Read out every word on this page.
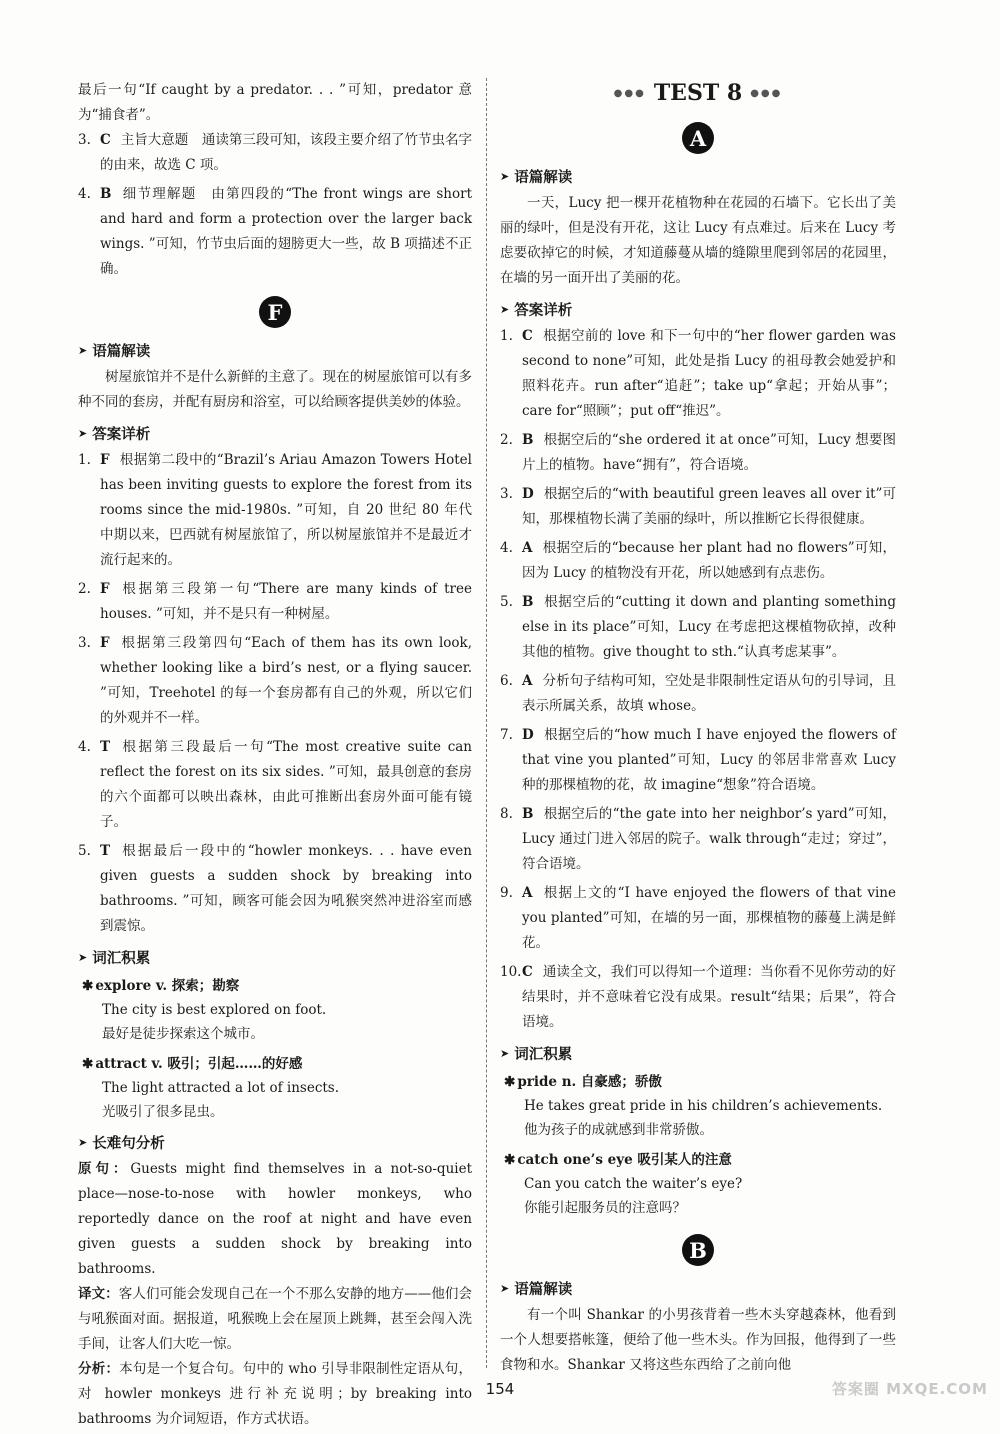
最后一句“If caught by a predator. . . ”可知，predator 意为“捕食者”。

3. C 主旨大意题　通读第三段可知，该段主要介绍了竹节虫名字的由来，故选 C 项。
4. B 细节理解题　由第四段的“The front wings are short and hard and form a protection over the larger back wings. ”可知，竹节虫后面的翅膀更大一些，故 B 项描述不正确。
F
➤ 语篇解读

树屋旅馆并不是什么新鲜的主意了。现在的树屋旅馆可以有多种不同的套房，并配有厨房和浴室，可以给顾客提供美妙的体验。

➤ 答案详析
1. F 根据第二段中的“Brazil’s Ariau Amazon Towers Hotel has been inviting guests to explore the forest from its rooms since the mid-1980s. ”可知，自 20 世纪 80 年代中期以来，巴西就有树屋旅馆了，所以树屋旅馆并不是最近才流行起来的。
2. F 根据第三段第一句“There are many kinds of tree houses. ”可知，并不是只有一种树屋。
3. F 根据第三段第四句“Each of them has its own look, whether looking like a bird’s nest, or a flying saucer. ”可知，Treehotel 的每一个套房都有自己的外观，所以它们的外观并不一样。
4. T 根据第三段最后一句“The most creative suite can reflect the forest on its six sides. ”可知，最具创意的套房的六个面都可以映出森林，由此可推断出套房外面可能有镜子。
5. T 根据最后一段中的“howler monkeys. . . have even given guests a sudden shock by breaking into bathrooms. ”可知，顾客可能会因为吼猴突然冲进浴室而感到震惊。
➤ 词汇积累
✱ explore v. 探索；勘察
The city is best explored on foot.
最好是徒步探索这个城市。
✱ attract v. 吸引；引起……的好感
The light attracted a lot of insects.
光吸引了很多昆虫。
➤ 长难句分析

原句：Guests might find themselves in a not-so-quiet place—nose-to-nose with howler monkeys, who reportedly dance on the roof at night and have even given guests a sudden shock by breaking into bathrooms.

译文：客人们可能会发现自己在一个不那么安静的地方——他们会与吼猴面对面。据报道，吼猴晚上会在屋顶上跳舞，甚至会闯入洗手间，让客人们大吃一惊。

分析：本句是一个复合句。句中的 who 引导非限制性定语从句，对 howler monkeys 进行补充说明；by breaking into bathrooms 为介词短语，作方式状语。

●●● TEST 8 ●●●
A
➤ 语篇解读

一天，Lucy 把一棵开花植物种在花园的石墙下。它长出了美丽的绿叶，但是没有开花，这让 Lucy 有点难过。后来在 Lucy 考虑要砍掉它的时候，才知道藤蔓从墙的缝隙里爬到邻居的花园里，在墙的另一面开出了美丽的花。

➤ 答案详析
1. C 根据空前的 love 和下一句中的“her flower garden was second to none”可知，此处是指 Lucy 的祖母教会她爱护和照料花卉。run after“追赶”；take up“拿起；开始从事”；care for“照顾”；put off“推迟”。
2. B 根据空后的“she ordered it at once”可知，Lucy 想要图片上的植物。have“拥有”，符合语境。
3. D 根据空后的“with beautiful green leaves all over it”可知，那棵植物长满了美丽的绿叶，所以推断它长得很健康。
4. A 根据空后的“because her plant had no flowers”可知，因为 Lucy 的植物没有开花，所以她感到有点悲伤。
5. B 根据空后的“cutting it down and planting something else in its place”可知，Lucy 在考虑把这棵植物砍掉，改种其他的植物。give thought to sth.“认真考虑某事”。
6. A 分析句子结构可知，空处是非限制性定语从句的引导词，且表示所属关系，故填 whose。
7. D 根据空后的“how much I have enjoyed the flowers of that vine you planted”可知，Lucy 的邻居非常喜欢 Lucy 种的那棵植物的花，故 imagine“想象”符合语境。
8. B 根据空后的“the gate into her neighbor’s yard”可知，Lucy 通过门进入邻居的院子。walk through“走过；穿过”，符合语境。
9. A 根据上文的“I have enjoyed the flowers of that vine you planted”可知，在墙的另一面，那棵植物的藤蔓上满是鲜花。
10. C 通读全文，我们可以得知一个道理：当你看不见你劳动的好结果时，并不意味着它没有成果。result“结果；后果”，符合语境。
➤ 词汇积累
✱ pride n. 自豪感；骄傲
He takes great pride in his children’s achievements.
他为孩子的成就感到非常骄傲。
✱ catch one’s eye 吸引某人的注意
Can you catch the waiter’s eye?
你能引起服务员的注意吗？
B
➤ 语篇解读

有一个叫 Shankar 的小男孩背着一些木头穿越森林，他看到一个人想要搭帐篷，便给了他一些木头。作为回报，他得到了一些食物和水。Shankar 又将这些东西给了之前向他

154	答案圈 MXQE.COM
